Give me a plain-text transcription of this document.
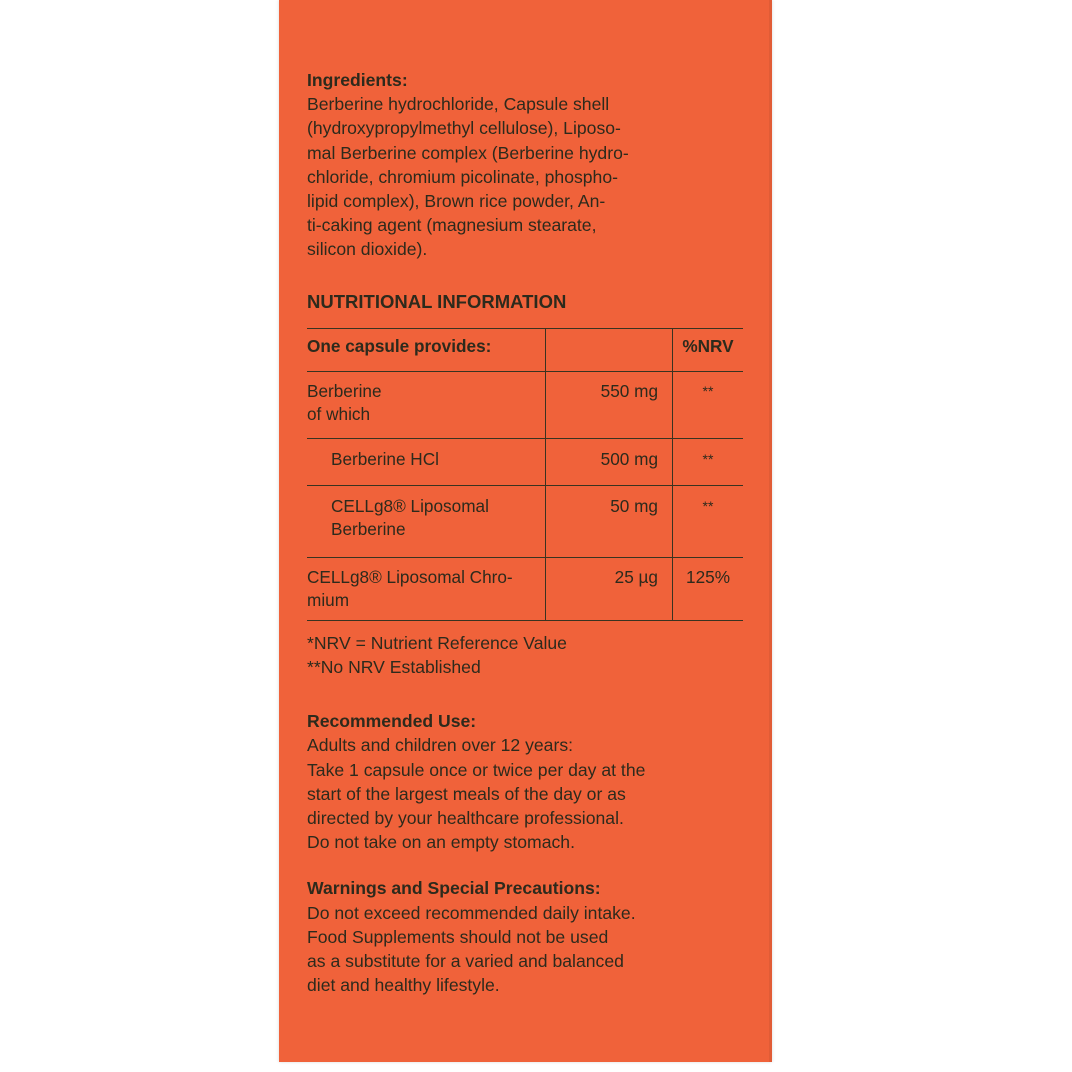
Ingredients:

Berberine hydrochloride, Capsule shell
(hydroxypropylmethyl cellulose), Liposo-
mal Berberine complex (Berberine hydro-
chloride, chromium picolinate, phospho-
lipid complex), Brown rice powder, An-
ti-caking agent (magnesium stearate,
silicon dioxide).

NUTRITIONAL INFORMATION

One capsule provides:		%NRV

Berberine
of which	550 mg	**

Berberine HCl	500 mg	**

CELLg8® Liposomal
Berberine	50 mg	**

CELLg8® Liposomal Chro-
mium	25 µg	125%
*NRV = Nutrient Reference Value
**No NRV Established

Recommended Use:

Adults and children over 12 years:
Take 1 capsule once or twice per day at the
start of the largest meals of the day or as
directed by your healthcare professional.
Do not take on an empty stomach.

Warnings and Special Precautions:

Do not exceed recommended daily intake.
Food Supplements should not be used
as a substitute for a varied and balanced
diet and healthy lifestyle.
